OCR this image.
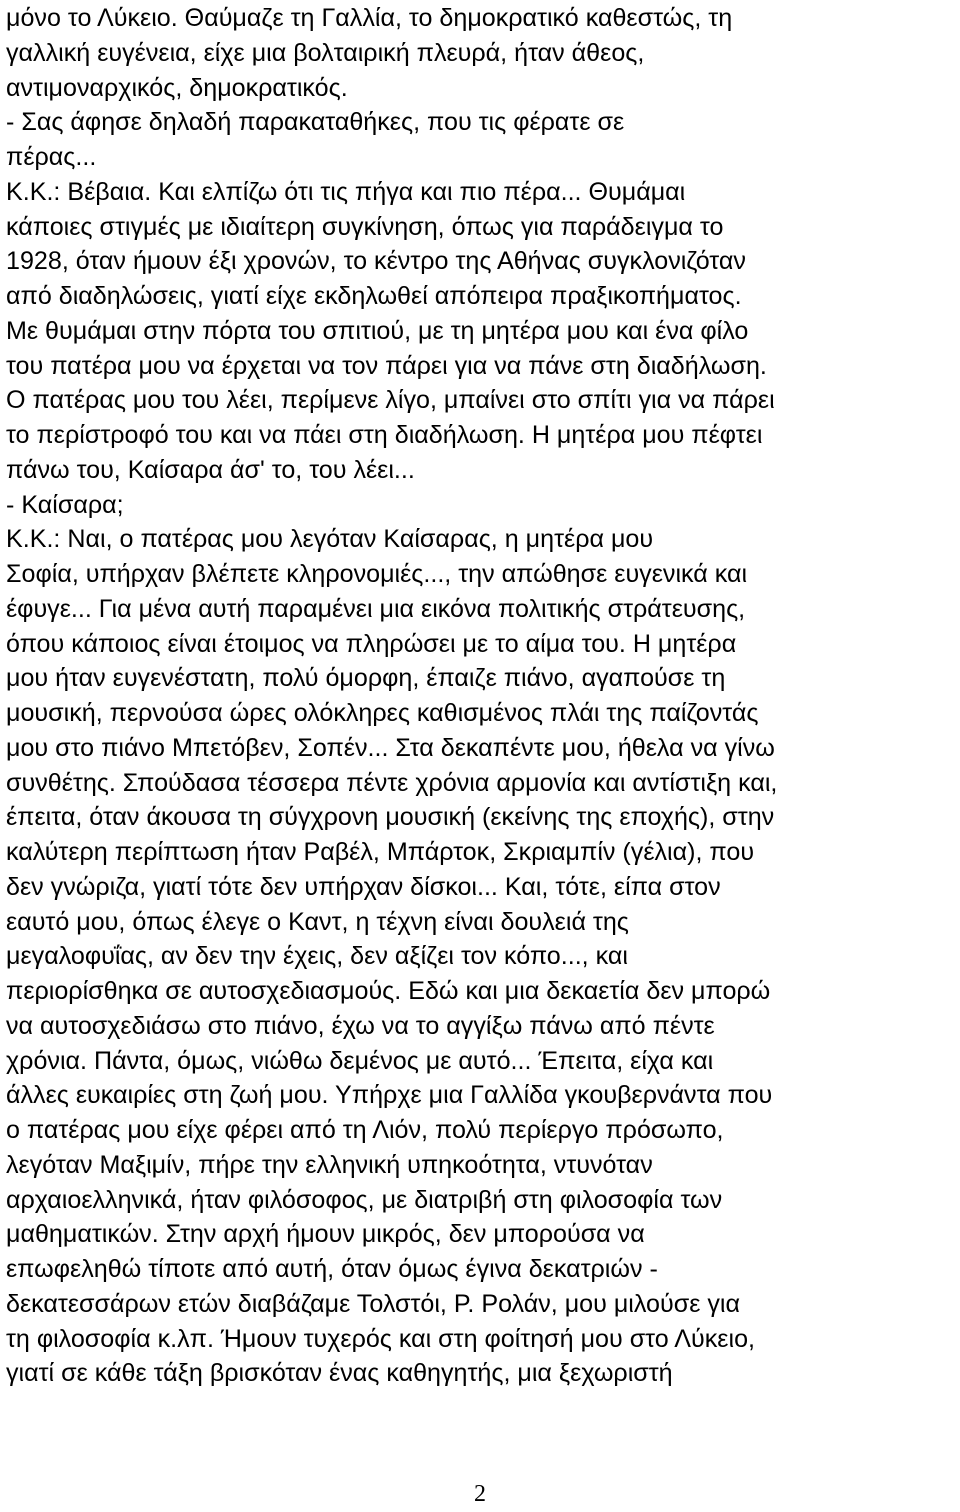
μόνο το Λύκειο. Θαύμαζε τη Γαλλία, το δημοκρατικό καθεστώς, τη
γαλλική ευγένεια, είχε μια βολταιρική πλευρά, ήταν άθεος,
αντιμοναρχικός, δημοκρατικός.
- Σας άφησε δηλαδή παρακαταθήκες, που τις φέρατε σε
πέρας...
Κ.Κ.: Βέβαια. Και ελπίζω ότι τις πήγα και πιο πέρα... Θυμάμαι
κάποιες στιγμές με ιδιαίτερη συγκίνηση, όπως για παράδειγμα το
1928, όταν ήμουν έξι χρονών, το κέντρο της Αθήνας συγκλονιζόταν
από διαδηλώσεις, γιατί είχε εκδηλωθεί απόπειρα πραξικοπήματος.
Με θυμάμαι στην πόρτα του σπιτιού, με τη μητέρα μου και ένα φίλο
του πατέρα μου να έρχεται να τον πάρει για να πάνε στη διαδήλωση.
Ο πατέρας μου του λέει, περίμενε λίγο, μπαίνει στο σπίτι για να πάρει
το περίστροφό του και να πάει στη διαδήλωση. Η μητέρα μου πέφτει
πάνω του, Καίσαρα άσ' το, του λέει...
- Καίσαρα;
Κ.Κ.: Ναι, ο πατέρας μου λεγόταν Καίσαρας, η μητέρα μου
Σοφία, υπήρχαν βλέπετε κληρονομιές..., την απώθησε ευγενικά και
έφυγε... Για μένα αυτή παραμένει μια εικόνα πολιτικής στράτευσης,
όπου κάποιος είναι έτοιμος να πληρώσει με το αίμα του. Η μητέρα
μου ήταν ευγενέστατη, πολύ όμορφη, έπαιζε πιάνο, αγαπούσε τη
μουσική, περνούσα ώρες ολόκληρες καθισμένος πλάι της παίζοντάς
μου στο πιάνο Μπετόβεν, Σοπέν... Στα δεκαπέντε μου, ήθελα να γίνω
συνθέτης. Σπούδασα τέσσερα πέντε χρόνια αρμονία και αντίστιξη και,
έπειτα, όταν άκουσα τη σύγχρονη μουσική (εκείνης της εποχής), στην
καλύτερη περίπτωση ήταν Ραβέλ, Μπάρτοκ, Σκριαμπίν (γέλια), που
δεν γνώριζα, γιατί τότε δεν υπήρχαν δίσκοι... Και, τότε, είπα στον
εαυτό μου, όπως έλεγε ο Καντ, η τέχνη είναι δουλειά της
μεγαλοφυΐας, αν δεν την έχεις, δεν αξίζει τον κόπο..., και
περιορίσθηκα σε αυτοσχεδιασμούς. Εδώ και μια δεκαετία δεν μπορώ
να αυτοσχεδιάσω στο πιάνο, έχω να το αγγίξω πάνω από πέντε
χρόνια. Πάντα, όμως, νιώθω δεμένος με αυτό... Έπειτα, είχα και
άλλες ευκαιρίες στη ζωή μου. Υπήρχε μια Γαλλίδα γκουβερνάντα που
ο πατέρας μου είχε φέρει από τη Λιόν, πολύ περίεργο πρόσωπο,
λεγόταν Μαξιμίν, πήρε την ελληνική υπηκοότητα, ντυνόταν
αρχαιοελληνικά, ήταν φιλόσοφος, με διατριβή στη φιλοσοφία των
μαθηματικών. Στην αρχή ήμουν μικρός, δεν μπορούσα να
επωφεληθώ τίποτε από αυτή, όταν όμως έγινα δεκατριών -
δεκατεσσάρων ετών διαβάζαμε Τολστόι, Ρ. Ρολάν, μου μιλούσε για
τη φιλοσοφία κ.λπ. Ήμουν τυχερός και στη φοίτησή μου στο Λύκειο,
γιατί σε κάθε τάξη βρισκόταν ένας καθηγητής, μια ξεχωριστή
2
